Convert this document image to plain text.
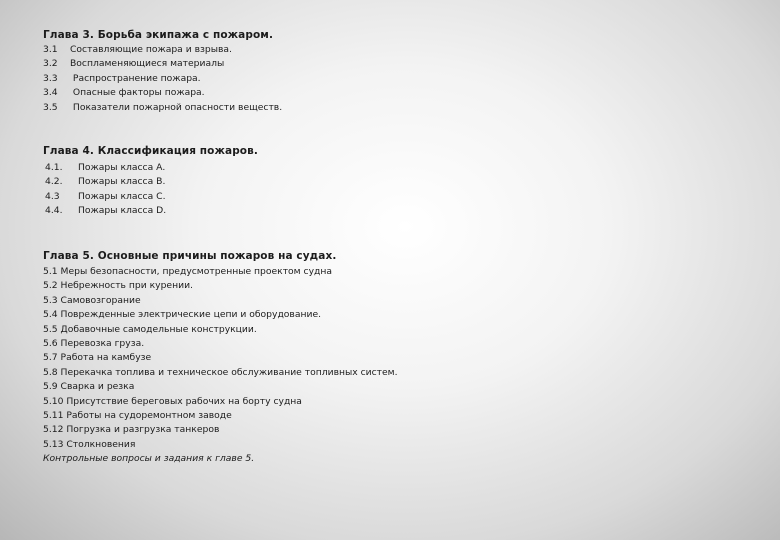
Глава 3. Борьба экипажа с пожаром.
3.1 Составляющие пожара и взрыва.
3.2 Воспламеняющиеся материалы
3.3 Распространение пожара.
3.4 Опасные факторы пожара.
3.5 Показатели пожарной опасности веществ.
Глава 4. Классификация пожаров.
4.1. Пожары класса А.
4.2. Пожары класса В.
4.3 Пожары класса С.
4.4. Пожары класса D.
Глава 5. Основные причины пожаров на судах.
5.1 Меры безопасности, предусмотренные проектом судна
5.2 Небрежность при курении.
5.3 Самовозгорание
5.4 Поврежденные электрические цепи и оборудование.
5.5 Добавочные самодельные конструкции.
5.6 Перевозка груза.
5.7 Работа на камбузе
5.8 Перекачка топлива и техническое обслуживание топливных систем.
5.9 Сварка и резка
5.10 Присутствие береговых рабочих на борту судна
5.11 Работы на судоремонтном заводе
5.12 Погрузка и разгрузка танкеров
5.13 Столкновения
Контрольные вопросы и задания к главе 5.
